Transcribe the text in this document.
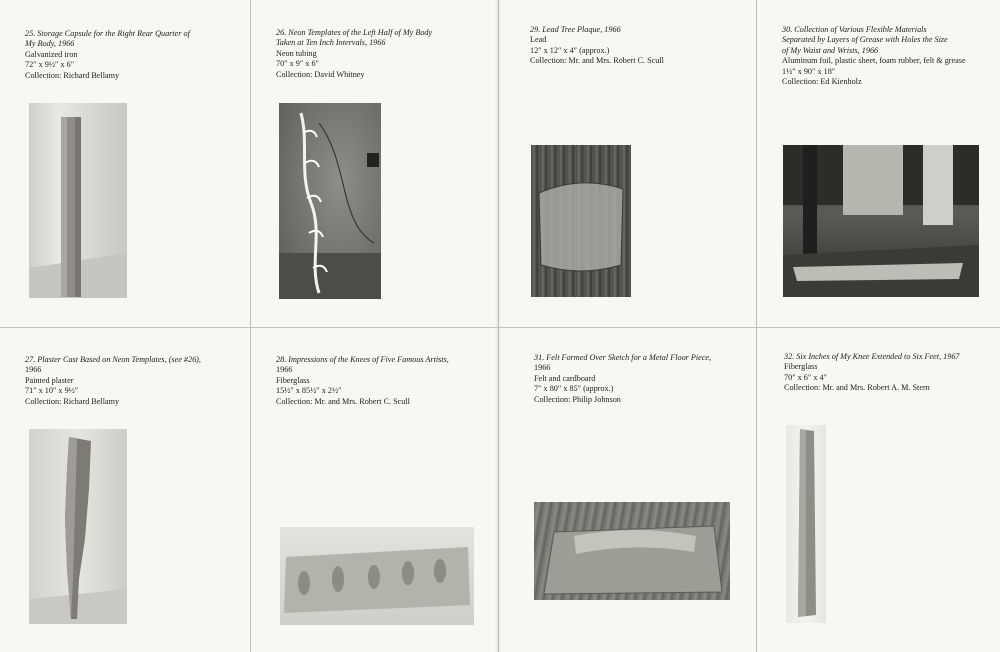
25. Storage Capsule for the Right Rear Quarter of
My Body, 1966
Galvanized iron
72″ x 9½″ x 6″
Collection: Richard Bellamy
26. Neon Templates of the Left Half of My Body
Taken at Ten Inch Intervals, 1966
Neon tubing
70″ x 9″ x 6″
Collection: David Whitney
29. Lead Tree Plaque, 1966
Lead
12″ x 12″ x 4″ (approx.)
Collection: Mr. and Mrs. Robert C. Scull
30. Collection of Various Flexible Materials
Separated by Layers of Grease with Holes the Size
of My Waist and Wrists, 1966
Aluminum foil, plastic sheet, foam rubber, felt & grease
1½″ x 90″ x 18″
Collection: Ed Kienholz
27. Plaster Cast Based on Neon Templates, (see #26),
1966
Painted plaster
71″ x 10″ x 9½″
Collection: Richard Bellamy
28. Impressions of the Knees of Five Famous Artists,
1966
Fiberglass
15½″ x 85½″ x 2½″
Collection: Mr. and Mrs. Robert C. Scull
31. Felt Formed Over Sketch for a Metal Floor Piece,
1966
Felt and cardboard
7″ x 80″ x 85″ (approx.)
Collection: Philip Johnson
32. Six Inches of My Knee Extended to Six Feet, 1967
Fiberglass
70″ x 6″ x 4″
Collection: Mr. and Mrs. Robert A. M. Stern
